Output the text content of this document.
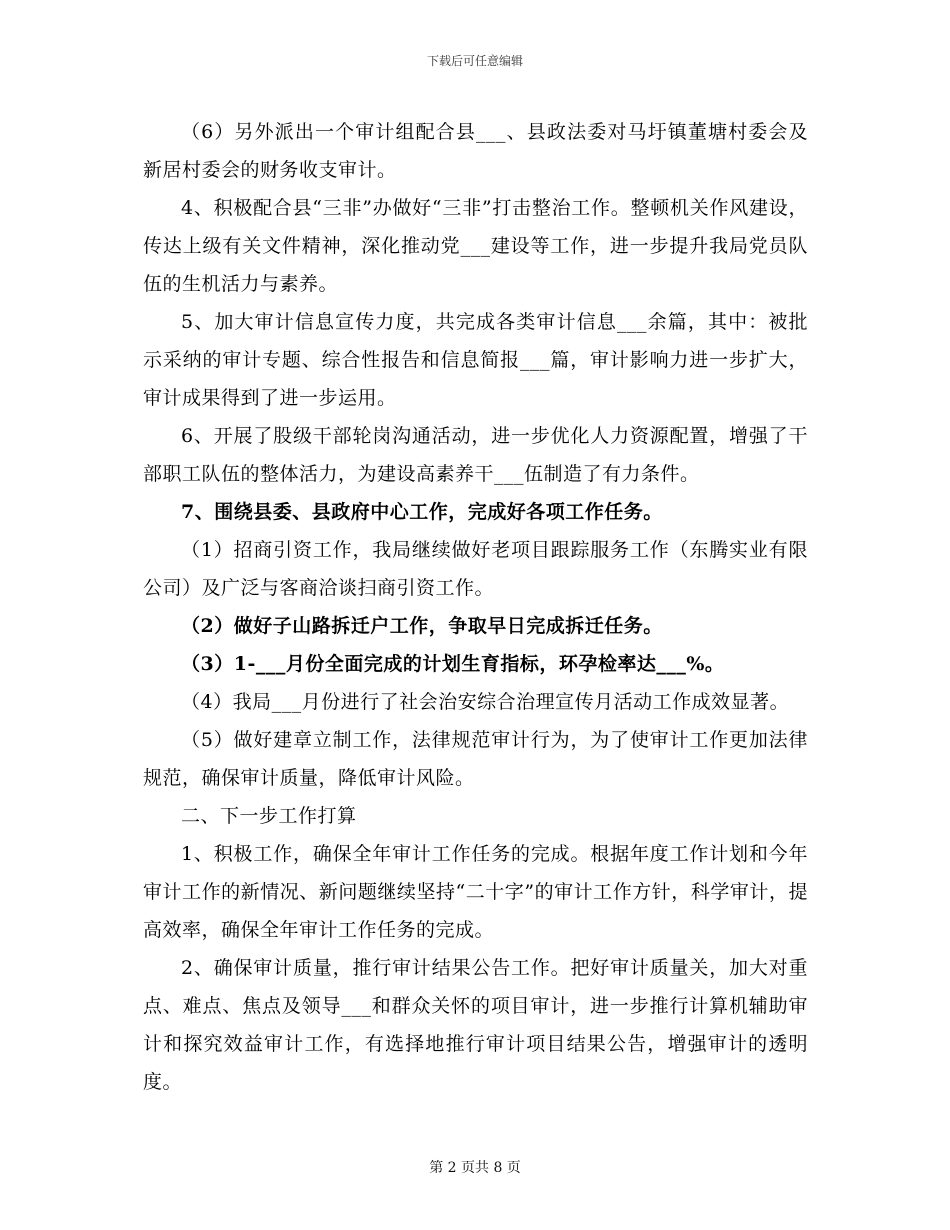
下载后可任意编辑

（6）另外派出一个审计组配合县___、县政法委对马圩镇董塘村委会及新居村委会的财务收支审计。

4、积极配合县“三非”办做好“三非”打击整治工作。整顿机关作风建设，传达上级有关文件精神，深化推动党___建设等工作，进一步提升我局党员队伍的生机活力与素养。

5、加大审计信息宣传力度，共完成各类审计信息___余篇，其中：被批示采纳的审计专题、综合性报告和信息简报___篇，审计影响力进一步扩大，审计成果得到了进一步运用。

6、开展了股级干部轮岗沟通活动，进一步优化人力资源配置，增强了干部职工队伍的整体活力，为建设高素养干___伍制造了有力条件。

7、围绕县委、县政府中心工作，完成好各项工作任务。

（1）招商引资工作，我局继续做好老项目跟踪服务工作（东腾实业有限公司）及广泛与客商洽谈扫商引资工作。

（2）做好子山路拆迁户工作，争取早日完成拆迁任务。

（3）1-___月份全面完成的计划生育指标，环孕检率达___%。

（4）我局___月份进行了社会治安综合治理宣传月活动工作成效显著。

（5）做好建章立制工作，法律规范审计行为，为了使审计工作更加法律规范，确保审计质量，降低审计风险。

二、下一步工作打算

1、积极工作，确保全年审计工作任务的完成。根据年度工作计划和今年审计工作的新情况、新问题继续坚持“二十字”的审计工作方针，科学审计，提高效率，确保全年审计工作任务的完成。

2、确保审计质量，推行审计结果公告工作。把好审计质量关，加大对重点、难点、焦点及领导___和群众关怀的项目审计，进一步推行计算机辅助审计和探究效益审计工作，有选择地推行审计项目结果公告，增强审计的透明度。

第 2 页共 8 页
